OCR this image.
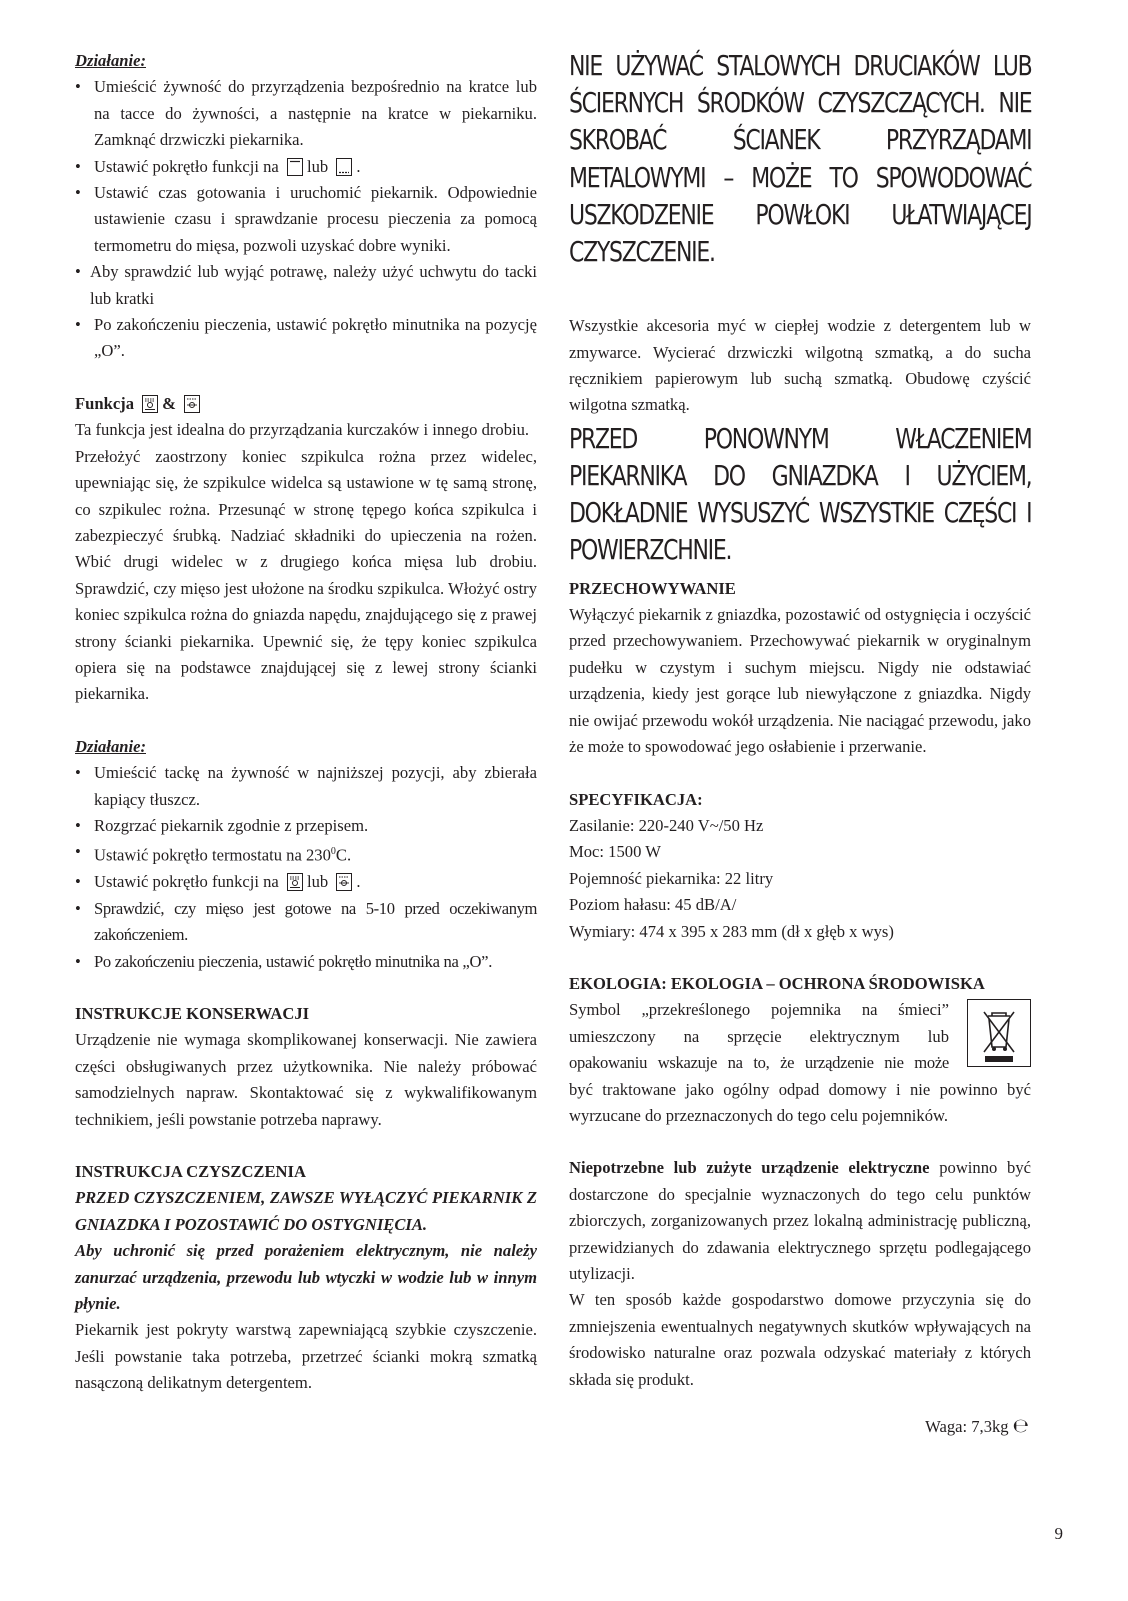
Działanie:

• Umieścić żywność do przyrządzenia bezpośrednio na kratce lub na tacce do żywności, a następnie na kratce w piekarniku. Zamknąć drzwiczki piekarnika.
• Ustawić pokrętło funkcji na lub .
• Ustawić czas gotowania i uruchomić piekarnik. Odpowiednie ustawienie czasu i sprawdzanie procesu pieczenia za pomocą termometru do mięsa, pozwoli uzyskać dobre wyniki.
• Aby sprawdzić lub wyjąć potrawę, należy użyć uchwytu do tacki lub kratki
• Po zakończeniu pieczenia, ustawić pokrętło minutnika na pozycję „O”.

Funkcja &

Ta funkcja jest idealna do przyrządzania kurczaków i innego drobiu.

Przełożyć zaostrzony koniec szpikulca rożna przez widelec, upewniając się, że szpikulce widelca są ustawione w tę samą stronę, co szpikulec rożna. Przesunąć w stronę tępego końca szpikulca i zabezpieczyć śrubką. Nadziać składniki do upieczenia na rożen. Wbić drugi widelec w z drugiego końca mięsa lub drobiu. Sprawdzić, czy mięso jest ułożone na środku szpikulca. Włożyć ostry koniec szpikulca rożna do gniazda napędu, znajdującego się z prawej strony ścianki piekarnika. Upewnić się, że tępy koniec szpikulca opiera się na podstawce znajdującej się z lewej strony ścianki piekarnika.

Działanie:

• Umieścić tackę na żywność w najniższej pozycji, aby zbierała kapiący tłuszcz.
• Rozgrzać piekarnik zgodnie z przepisem.
• Ustawić pokrętło termostatu na $230^0C$.
• Ustawić pokrętło funkcji na lub .
• Sprawdzić, czy mięso jest gotowe na 5-10 przed oczekiwanym zakończeniem.
• Po zakończeniu pieczenia, ustawić pokrętło minutnika na „O”.
INSTRUKCJE KONSERWACJI

Urządzenie nie wymaga skomplikowanej konserwacji. Nie zawiera części obsługiwanych przez użytkownika. Nie należy próbować samodzielnych napraw. Skontaktować się z wykwalifikowanym technikiem, jeśli powstanie potrzeba naprawy.

INSTRUKCJA CZYSZCZENIA

PRZED CZYSZCZENIEM, ZAWSZE WYŁĄCZYĆ PIEKARNIK Z GNIAZDKA I POZOSTAWIĆ DO OSTYGNIĘCIA.

Aby uchronić się przed porażeniem elektrycznym, nie należy zanurzać urządzenia, przewodu lub wtyczki w wodzie lub w innym płynie.

Piekarnik jest pokryty warstwą zapewniającą szybkie czyszczenie. Jeśli powstanie taka potrzeba, przetrzeć ścianki mokrą szmatką nasączoną delikatnym detergentem.

NIE UŻYWAĆ STALOWYCH DRUCIAKÓW LUB ŚCIERNYCH ŚRODKÓW CZYSZCZĄCYCH. NIE SKROBAĆ ŚCIANEK PRZYRZĄDAMI METALOWYMI – MOŻE TO SPOWODOWAĆ USZKODZENIE POWŁOKI UŁATWIAJĄCEJ CZYSZCZENIE.

Wszystkie akcesoria myć w ciepłej wodzie z detergentem lub w zmywarce. Wycierać drzwiczki wilgotną szmatką, a do sucha ręcznikiem papierowym lub suchą szmatką. Obudowę czyścić wilgotna szmatką.

PRZED PONOWNYM WŁACZENIEM PIEKARNIKA DO GNIAZDKA I UŻYCIEM, DOKŁADNIE WYSUSZYĆ WSZYSTKIE CZĘŚCI I POWIERZCHNIE.

PRZECHOWYWANIE

Wyłączyć piekarnik z gniazdka, pozostawić od ostygnięcia i oczyścić przed przechowywaniem. Przechowywać piekarnik w oryginalnym pudełku w czystym i suchym miejscu. Nigdy nie odstawiać urządzenia, kiedy jest gorące lub niewyłączone z gniazdka. Nigdy nie owijać przewodu wokół urządzenia. Nie naciągać przewodu, jako że może to spowodować jego osłabienie i przerwanie.

SPECYFIKACJA:

Zasilanie: 220-240 V~/50 Hz

Moc: 1500 W

Pojemność piekarnika: 22 litry

Poziom hałasu: 45 dB/A/

Wymiary: 474 x 395 x 283 mm (dł x głęb x wys)

EKOLOGIA: EKOLOGIA – OCHRONA ŚRODOWISKA

Symbol „przekreślonego pojemnika na śmieci”

umieszczony na sprzęcie elektrycznym lub

opakowaniu wskazuje na to, że urządzenie nie może

być traktowane jako ogólny odpad domowy i nie powinno być wyrzucane do przeznaczonych do tego celu pojemników.

Niepotrzebne lub zużyte urządzenie elektryczne powinno być dostarczone do specjalnie wyznaczonych do tego celu punktów zbiorczych, zorganizowanych przez lokalną administrację publiczną, przewidzianych do zdawania elektrycznego sprzętu podlegającego utylizacji.

W ten sposób każde gospodarstwo domowe przyczynia się do zmniejszenia ewentualnych negatywnych skutków wpływających na środowisko naturalne oraz pozwala odzyskać materiały z których składa się produkt.

Waga: 7,3kg ℮
9
